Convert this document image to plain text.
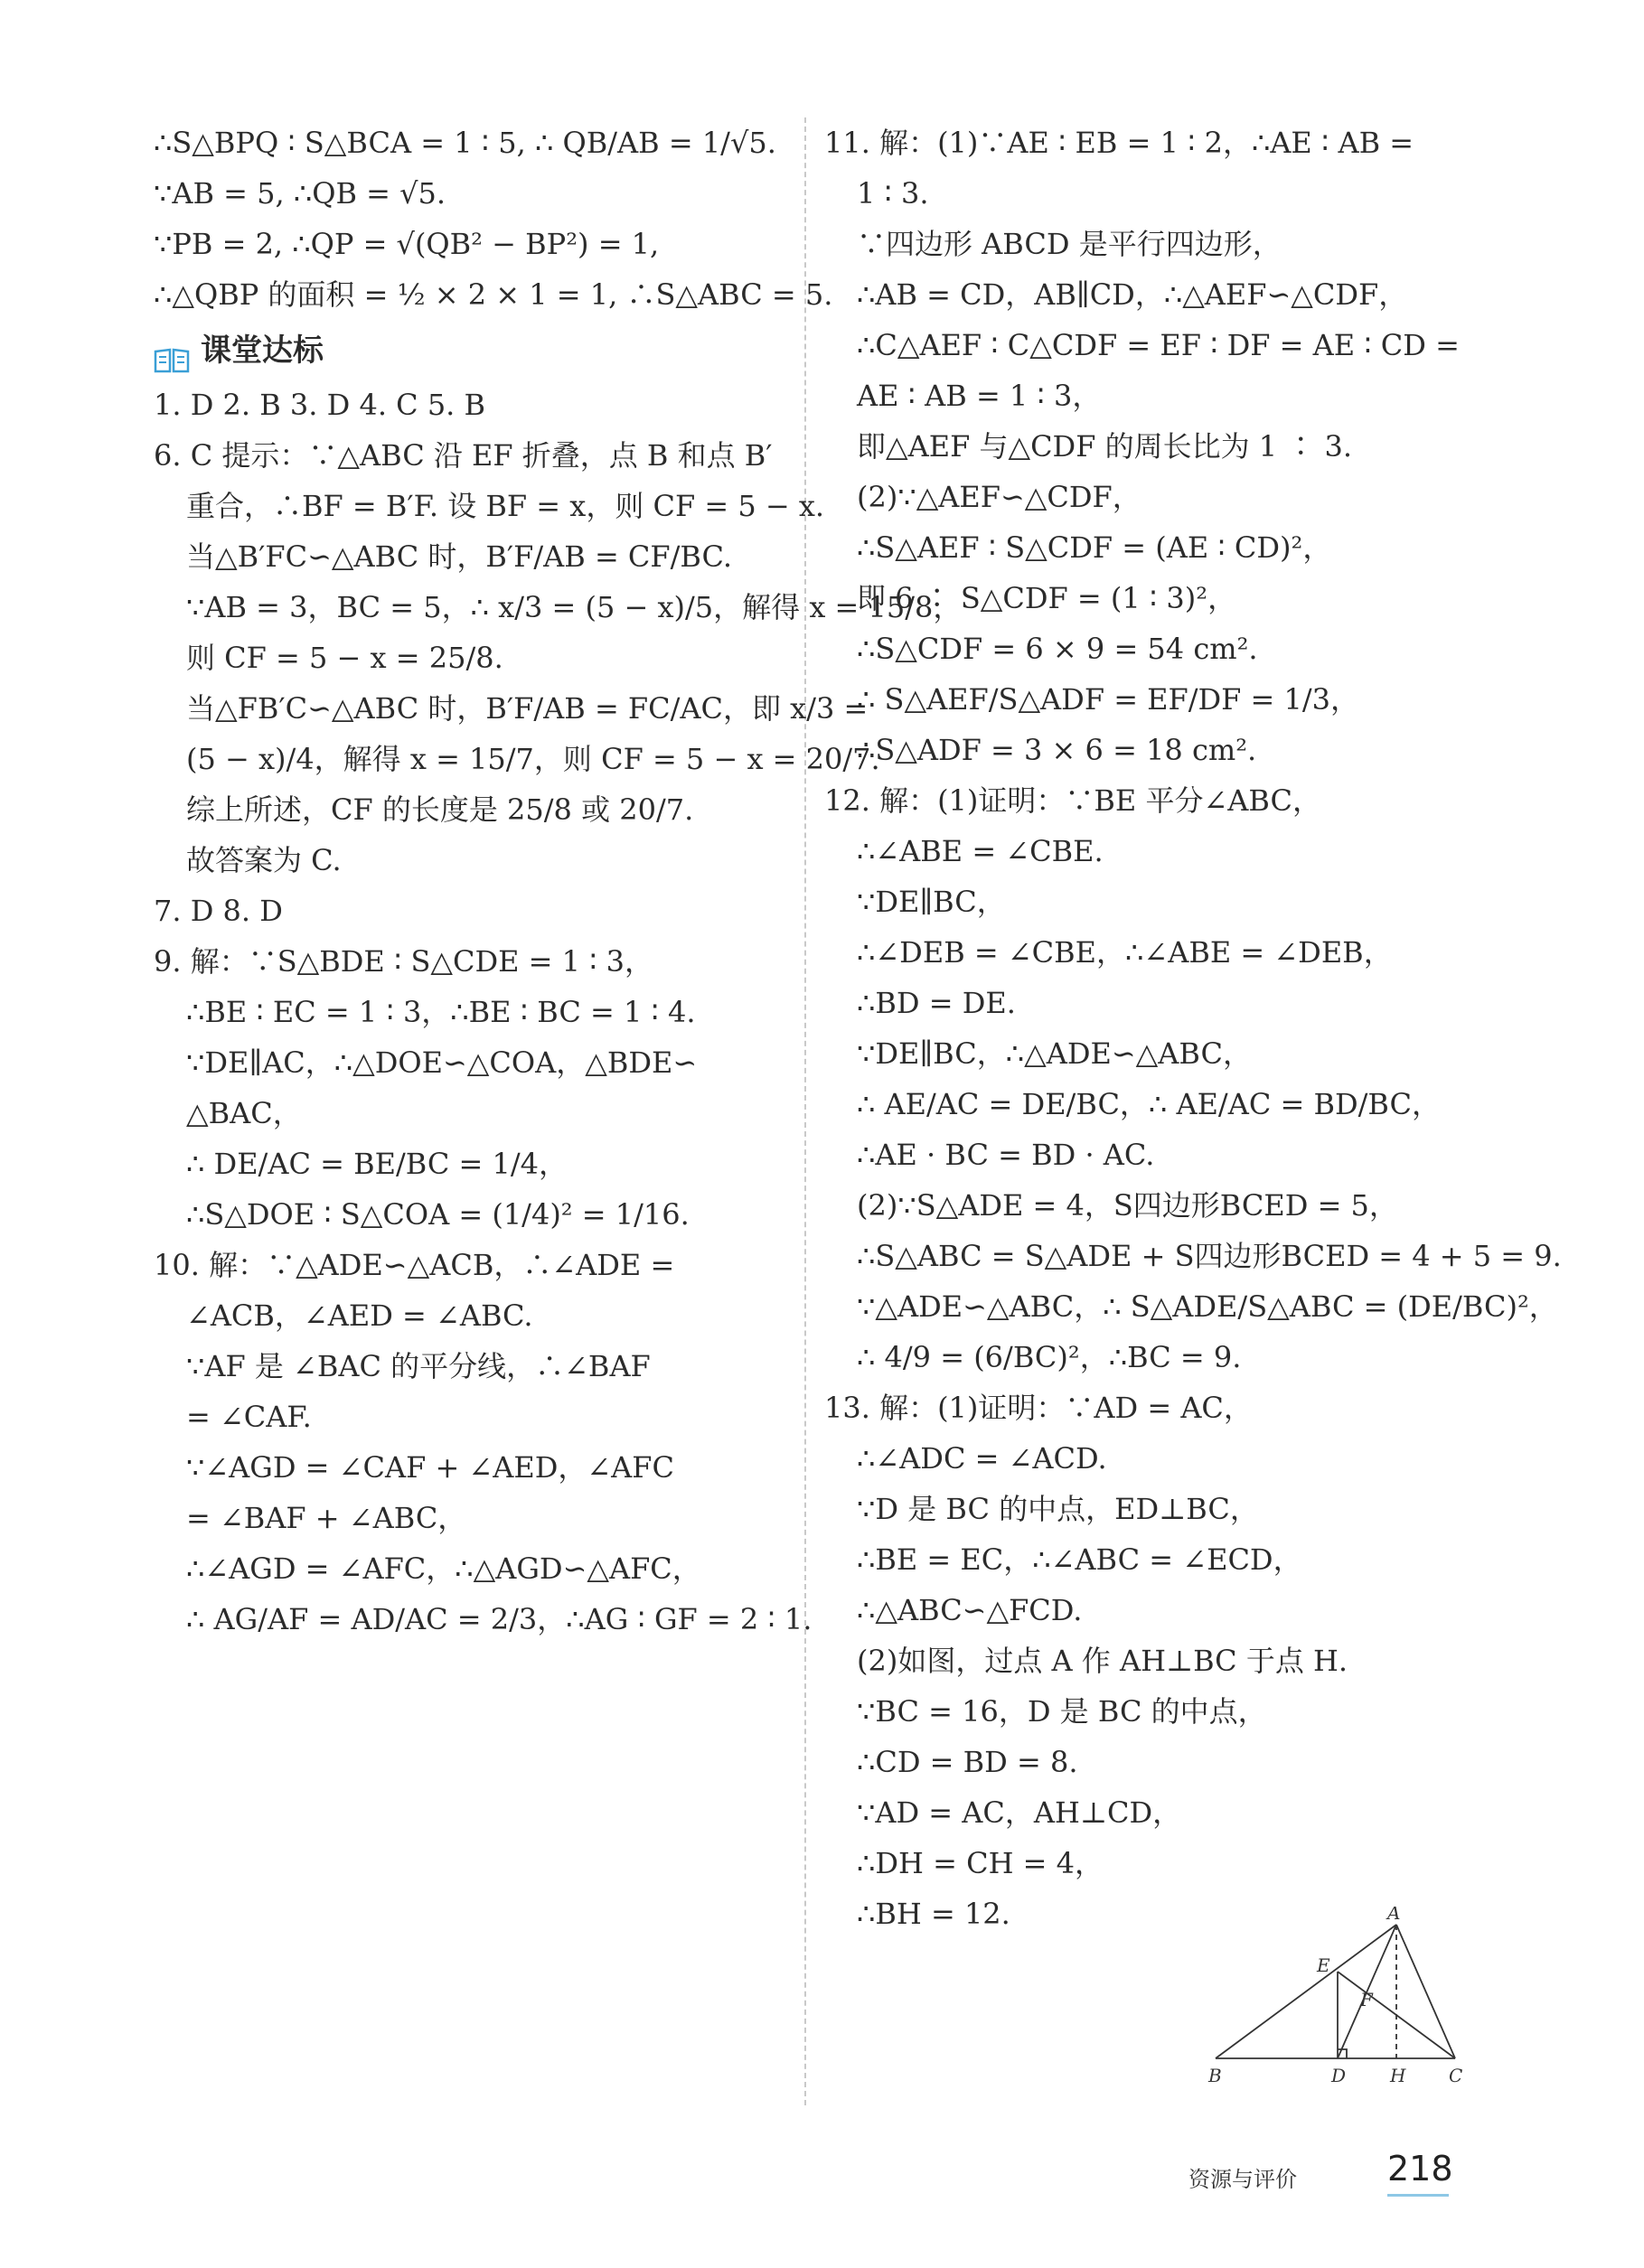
∴S△BPQ ∶ S△BCA = 1 ∶ 5, ∴ QB/AB = 1/√5.
∵AB = 5, ∴QB = √5.
∵PB = 2, ∴QP = √(QB² − BP²) = 1,
∴△QBP 的面积 = ½ × 2 × 1 = 1, ∴S△ABC = 5.
课堂达标
1. D 2. B 3. D 4. C 5. B
6. C 提示：∵△ABC 沿 EF 折叠，点 B 和点 B′
重合，∴BF = B′F. 设 BF = x，则 CF = 5 − x.
当△B′FC∽△ABC 时，B′F/AB = CF/BC.
∵AB = 3，BC = 5，∴ x/3 = (5 − x)/5，解得 x = 15/8，
则 CF = 5 − x = 25/8.
当△FB′C∽△ABC 时，B′F/AB = FC/AC，即 x/3 =
(5 − x)/4，解得 x = 15/7，则 CF = 5 − x = 20/7.
综上所述，CF 的长度是 25/8 或 20/7.
故答案为 C.
7. D 8. D
9. 解：∵S△BDE ∶ S△CDE = 1 ∶ 3，
∴BE ∶ EC = 1 ∶ 3，∴BE ∶ BC = 1 ∶ 4.
∵DE∥AC，∴△DOE∽△COA，△BDE∽
△BAC，
∴ DE/AC = BE/BC = 1/4，
∴S△DOE ∶ S△COA = (1/4)² = 1/16.
10. 解：∵△ADE∽△ACB，∴∠ADE =
∠ACB，∠AED = ∠ABC.
∵AF 是 ∠BAC 的平分线，∴∠BAF
= ∠CAF.
∵∠AGD = ∠CAF + ∠AED，∠AFC
= ∠BAF + ∠ABC，
∴∠AGD = ∠AFC，∴△AGD∽△AFC，
∴ AG/AF = AD/AC = 2/3，∴AG ∶ GF = 2 ∶ 1.
11. 解：(1)∵AE ∶ EB = 1 ∶ 2，∴AE ∶ AB =
1 ∶ 3.
∵四边形 ABCD 是平行四边形，
∴AB = CD，AB∥CD，∴△AEF∽△CDF，
∴C△AEF ∶ C△CDF = EF ∶ DF = AE ∶ CD =
AE ∶ AB = 1 ∶ 3，
即△AEF 与△CDF 的周长比为 1 ∶ 3.
(2)∵△AEF∽△CDF，
∴S△AEF ∶ S△CDF = (AE ∶ CD)²，
即 6 ∶ S△CDF = (1 ∶ 3)²，
∴S△CDF = 6 × 9 = 54 cm².
∴ S△AEF/S△ADF = EF/DF = 1/3，
∴S△ADF = 3 × 6 = 18 cm².
12. 解：(1)证明：∵BE 平分∠ABC，
∴∠ABE = ∠CBE.
∵DE∥BC，
∴∠DEB = ∠CBE，∴∠ABE = ∠DEB，
∴BD = DE.
∵DE∥BC，∴△ADE∽△ABC，
∴ AE/AC = DE/BC，∴ AE/AC = BD/BC，
∴AE · BC = BD · AC.
(2)∵S△ADE = 4，S四边形BCED = 5，
∴S△ABC = S△ADE + S四边形BCED = 4 + 5 = 9.
∵△ADE∽△ABC，∴ S△ADE/S△ABC = (DE/BC)²，
∴ 4/9 = (6/BC)²，∴BC = 9.
13. 解：(1)证明：∵AD = AC，
∴∠ADC = ∠ACD.
∵D 是 BC 的中点，ED⊥BC，
∴BE = EC，∴∠ABC = ∠ECD，
∴△ABC∽△FCD.
(2)如图，过点 A 作 AH⊥BC 于点 H.
∵BC = 16，D 是 BC 的中点，
∴CD = BD = 8.
∵AD = AC，AH⊥CD，
∴DH = CH = 4，
∴BH = 12.	A
E
F
B	D H C
资源与评价	218
